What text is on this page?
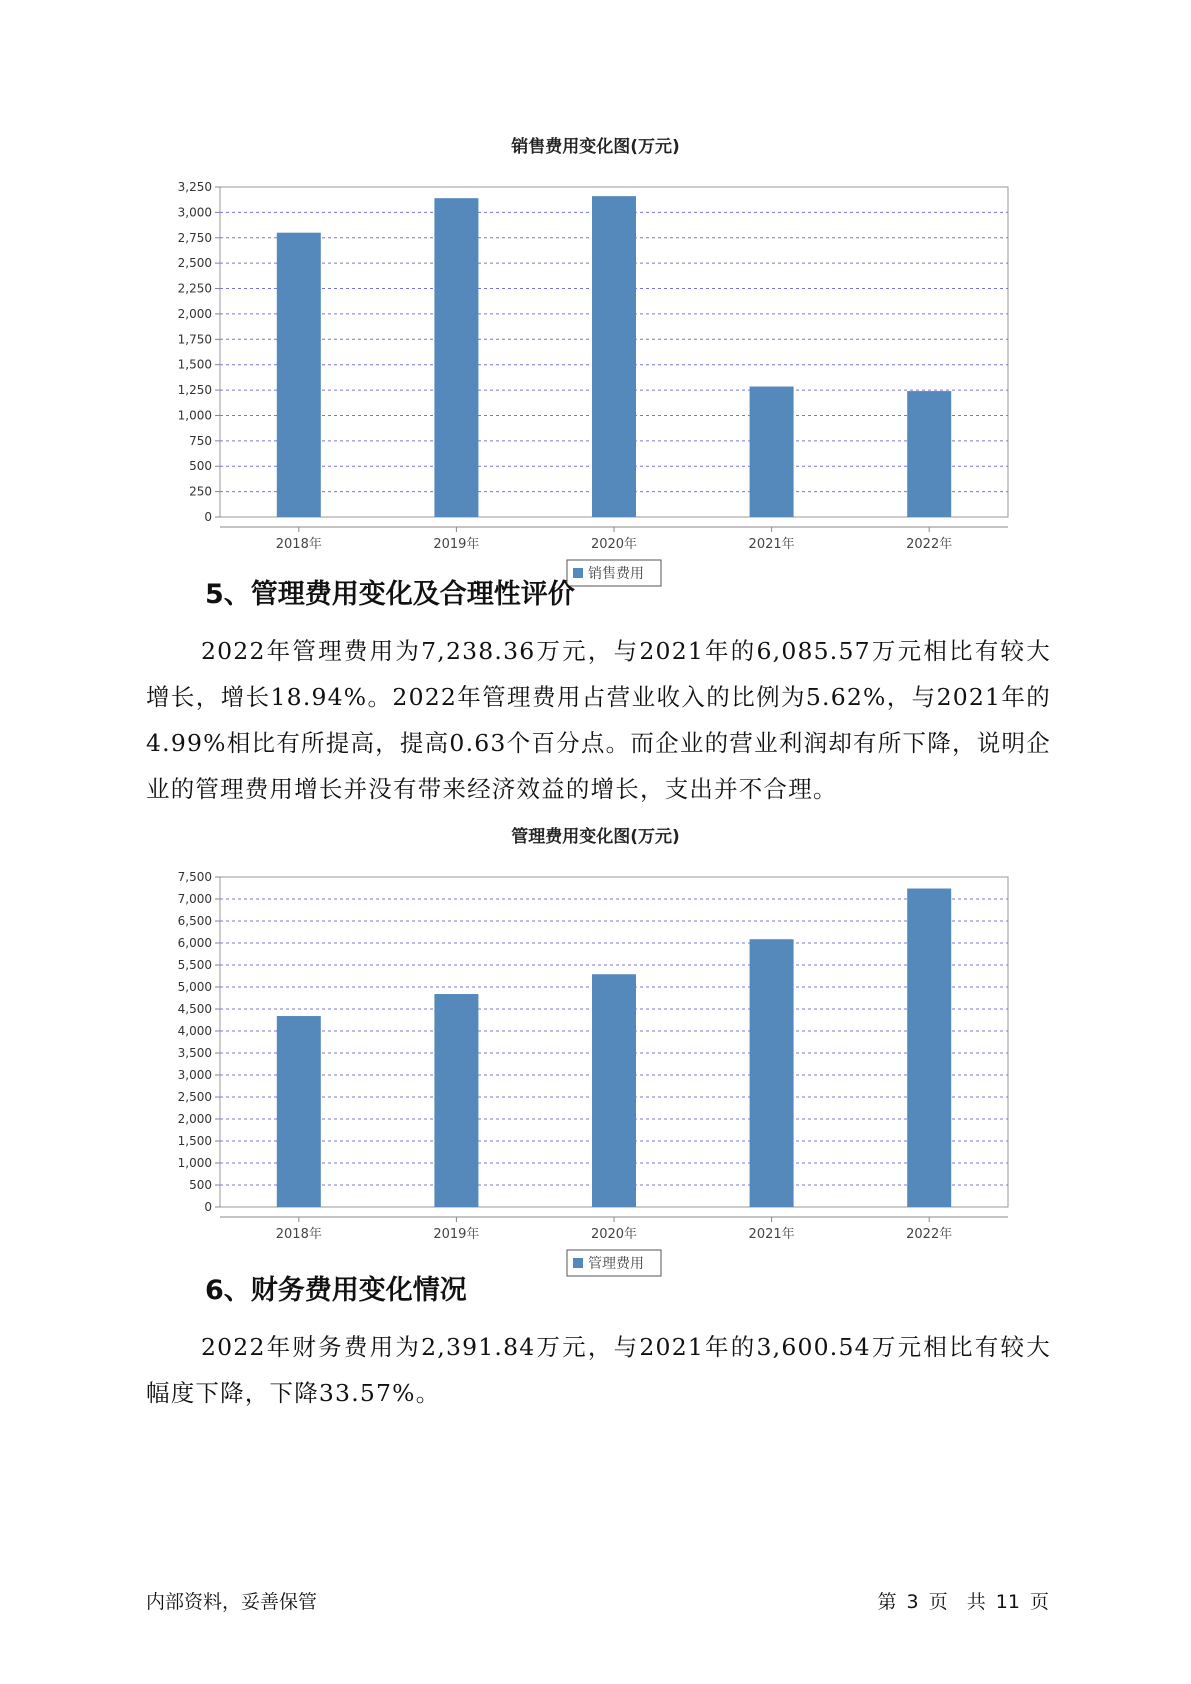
销售费用变化图(万元)
0
250
500
750
1,000
1,250
1,500
1,750
2,000
2,250
2,500
2,750
3,000
3,250
2018年	2019年	2020年	2021年	2022年
销售费用
5、管理费用变化及合理性评价

2022年管理费用为7,238.36万元，与2021年的6,085.57万元相比有较大增长，增长18.94%。2022年管理费用占营业收入的比例为5.62%，与2021年的4.99%相比有所提高，提高0.63个百分点。而企业的营业利润却有所下降，说明企业的管理费用增长并没有带来经济效益的增长，支出并不合理。

管理费用变化图(万元)
0
500
1,000
1,500
2,000
2,500
3,000
3,500
4,000
4,500
5,000
5,500
6,000
6,500
7,000
7,500
2018年	2019年	2020年	2021年	2022年
管理费用
6、财务费用变化情况

2022年财务费用为2,391.84万元，与2021年的3,600.54万元相比有较大幅度下降，下降33.57%。

内部资料，妥善保管	第 3 页　共 11 页
